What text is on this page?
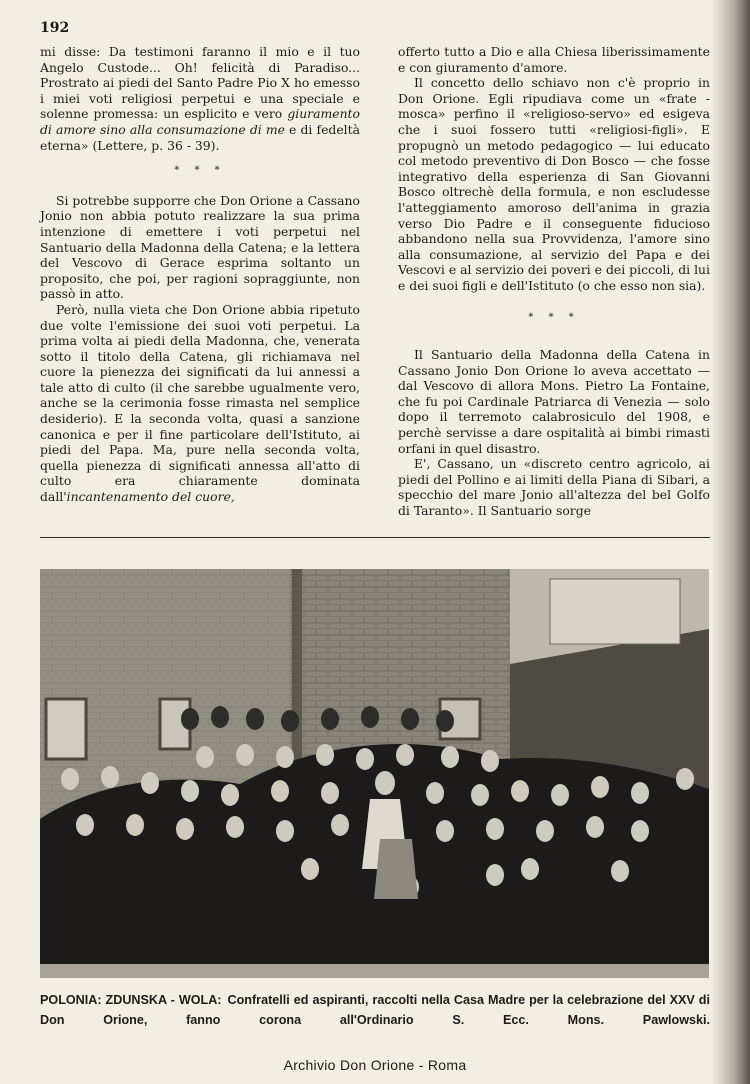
192

mi disse: Da testimoni faranno il mio e il tuo Angelo Custode... Oh! felicità di Paradiso... Prostrato ai piedi del Santo Padre Pio X ho emesso i miei voti religiosi perpetui e una speciale e solenne promessa: un esplicito e vero giuramento di amore sino alla consumazione di me e di fedeltà eterna» (Lettere, p. 36 - 39).

* * *

Si potrebbe supporre che Don Orione a Cassano Jonio non abbia potuto realizzare la sua prima intenzione di emettere i voti perpetui nel Santuario della Madonna della Catena; e la lettera del Vescovo di Gerace esprima soltanto un proposito, che poi, per ragioni sopraggiunte, non passò in atto.

Però, nulla vieta che Don Orione abbia ripetuto due volte l'emissione dei suoi voti perpetui. La prima volta ai piedi della Madonna, che, venerata sotto il titolo della Catena, gli richiamava nel cuore la pienezza dei significati da lui annessi a tale atto di culto (il che sarebbe ugualmente vero, anche se la cerimonia fosse rimasta nel semplice desiderio). E la seconda volta, quasi a sanzione canonica e per il fine particolare dell'Istituto, ai piedi del Papa. Ma, pure nella seconda volta, quella pienezza di significati annessa all'atto di culto era chiaramente dominata dall'incantenamento del cuore,

offerto tutto a Dio e alla Chiesa liberissimamente e con giuramento d'amore.

Il concetto dello schiavo non c'è proprio in Don Orione. Egli ripudiava come un «frate -mosca» perfino il «religioso-servo» ed esigeva che i suoi fossero tutti «religiosi-figli». E propugnò un metodo pedagogico — lui educato col metodo preventivo di Don Bosco — che fosse integrativo della esperienza di San Giovanni Bosco oltrechè della formula, e non escludesse l'atteggiamento amoroso dell'anima in grazia verso Dio Padre e il conseguente fiducioso abbandono nella sua Provvidenza, l'amore sino alla consumazione, al servizio del Papa e dei Vescovi e al servizio dei poveri e dei piccoli, di lui e dei suoi figli e dell'Istituto (o che esso non sia).

* * *

Il Santuario della Madonna della Catena in Cassano Jonio Don Orione lo aveva accettato — dal Vescovo di allora Mons. Pietro La Fontaine, che fu poi Cardinale Patriarca di Venezia — solo dopo il terremoto calabrosiculo del 1908, e perchè servisse a dare ospitalità ai bimbi rimasti orfani in quel disastro.

E', Cassano, un «discreto centro agricolo, ai piedi del Pollino e ai limiti della Piana di Sibari, a specchio del mare Jonio all'altezza del bel Golfo di Taranto». Il Santuario sorge

POLONIA: ZDUNSKA - WOLA: Confratelli ed aspiranti, raccolti nella Casa Madre per la celebrazione del XXV di Don Orione, fanno corona all'Ordinario S. Ecc. Mons. Pawlowski.
Archivio Don Orione - Roma
